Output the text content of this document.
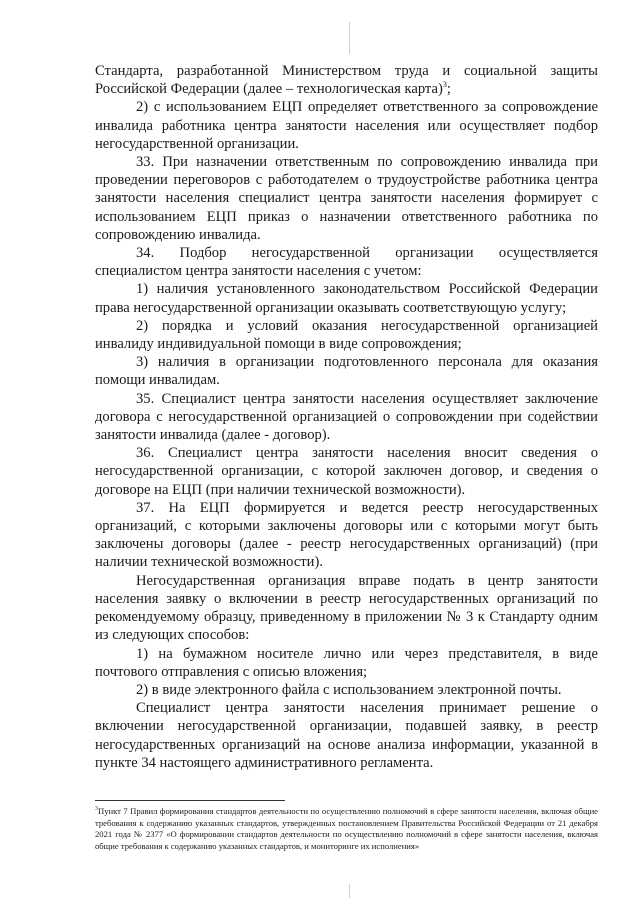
Стандарта, разработанной Министерством труда и социальной защиты Российской Федерации (далее – технологическая карта)$^3$;

2) с использованием ЕЦП определяет ответственного за сопровождение инвалида работника центра занятости населения или осуществляет подбор негосударственной организации.

33. При назначении ответственным по сопровождению инвалида при проведении переговоров с работодателем о трудоустройстве работника центра занятости населения специалист центра занятости населения формирует с использованием ЕЦП приказ о назначении ответственного работника по сопровождению инвалида.

34. Подбор негосударственной организации осуществляется специалистом центра занятости населения с учетом:

1) наличия установленного законодательством Российской Федерации права негосударственной организации оказывать соответствующую услугу;

2) порядка и условий оказания негосударственной организацией инвалиду индивидуальной помощи в виде сопровождения;

3) наличия в организации подготовленного персонала для оказания помощи инвалидам.

35. Специалист центра занятости населения осуществляет заключение договора с негосударственной организацией о сопровождении при содействии занятости инвалида (далее - договор).

36. Специалист центра занятости населения вносит сведения о негосударственной организации, с которой заключен договор, и сведения о договоре на ЕЦП (при наличии технической возможности).

37. На ЕЦП формируется и ведется реестр негосударственных организаций, с которыми заключены договоры или с которыми могут быть заключены договоры (далее - реестр негосударственных организаций) (при наличии технической возможности).

Негосударственная организация вправе подать в центр занятости населения заявку о включении в реестр негосударственных организаций по рекомендуемому образцу, приведенному в приложении № 3 к Стандарту одним из следующих способов:

1) на бумажном носителе лично или через представителя, в виде почтового отправления с описью вложения;

2) в виде электронного файла с использованием электронной почты.

Специалист центра занятости населения принимает решение о включении негосударственной организации, подавшей заявку, в реестр негосударственных организаций на основе анализа информации, указанной в пункте 34 настоящего административного регламента.

$^3$Пункт 7 Правил формирования стандартов деятельности по осуществлению полномочий в сфере занятости населения, включая общие требования к содержанию указанных стандартов, утвержденных постановлением Правительства Российской Федерации от 21 декабря 2021 года № 2377 «О формировании стандартов деятельности по осуществлению полномочий в сфере занятости населения, включая общие требования к содержанию указанных стандартов, и мониторинге их исполнения»
